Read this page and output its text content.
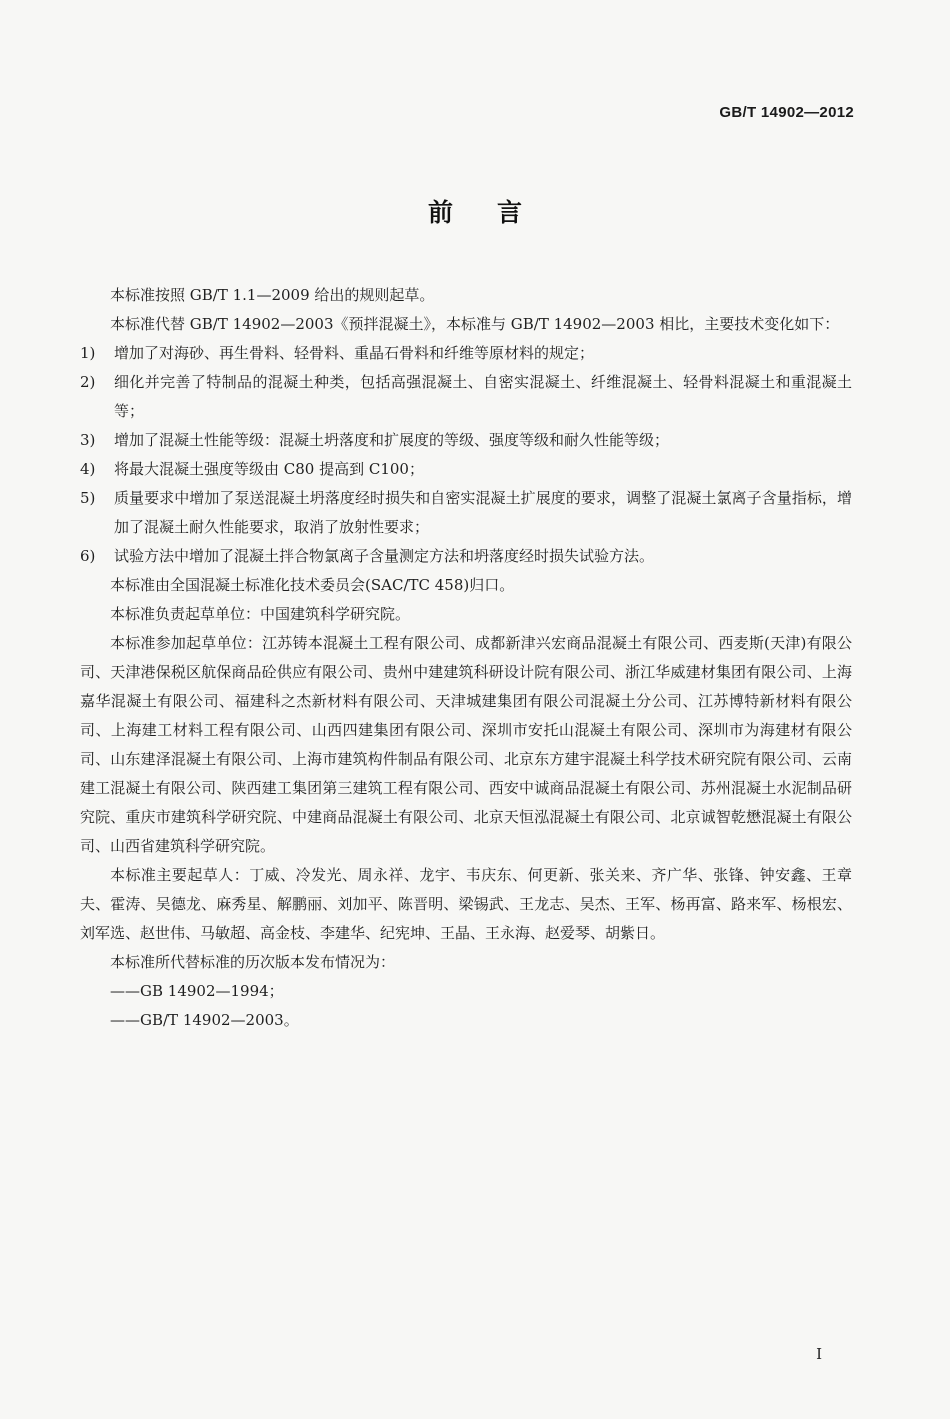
GB/T 14902—2012
前言

本标准按照 GB/T 1.1—2009 给出的规则起草。

本标准代替 GB/T 14902—2003《预拌混凝土》，本标准与 GB/T 14902—2003 相比，主要技术变化如下：

1)	增加了对海砂、再生骨料、轻骨料、重晶石骨料和纤维等原材料的规定；

2)	细化并完善了特制品的混凝土种类，包括高强混凝土、自密实混凝土、纤维混凝土、轻骨料混凝土和重混凝土等；

3)	增加了混凝土性能等级：混凝土坍落度和扩展度的等级、强度等级和耐久性能等级；

4)	将最大混凝土强度等级由 C80 提高到 C100；

5)	质量要求中增加了泵送混凝土坍落度经时损失和自密实混凝土扩展度的要求，调整了混凝土氯离子含量指标，增加了混凝土耐久性能要求，取消了放射性要求；

6)	试验方法中增加了混凝土拌合物氯离子含量测定方法和坍落度经时损失试验方法。

本标准由全国混凝土标准化技术委员会(SAC/TC 458)归口。

本标准负责起草单位：中国建筑科学研究院。

本标准参加起草单位：江苏铸本混凝土工程有限公司、成都新津兴宏商品混凝土有限公司、西麦斯(天津)有限公司、天津港保税区航保商品砼供应有限公司、贵州中建建筑科研设计院有限公司、浙江华威建材集团有限公司、上海嘉华混凝土有限公司、福建科之杰新材料有限公司、天津城建集团有限公司混凝土分公司、江苏博特新材料有限公司、上海建工材料工程有限公司、山西四建集团有限公司、深圳市安托山混凝土有限公司、深圳市为海建材有限公司、山东建泽混凝土有限公司、上海市建筑构件制品有限公司、北京东方建宇混凝土科学技术研究院有限公司、云南建工混凝土有限公司、陕西建工集团第三建筑工程有限公司、西安中诚商品混凝土有限公司、苏州混凝土水泥制品研究院、重庆市建筑科学研究院、中建商品混凝土有限公司、北京天恒泓混凝土有限公司、北京诚智乾懋混凝土有限公司、山西省建筑科学研究院。

本标准主要起草人：丁威、冷发光、周永祥、龙宇、韦庆东、何更新、张关来、齐广华、张锋、钟安鑫、王章夫、霍涛、吴德龙、麻秀星、解鹏丽、刘加平、陈晋明、梁锡武、王龙志、吴杰、王军、杨再富、路来军、杨根宏、刘军选、赵世伟、马敏超、高金枝、李建华、纪宪坤、王晶、王永海、赵爱琴、胡紫日。

本标准所代替标准的历次版本发布情况为：

——GB 14902—1994；

——GB/T 14902—2003。

I
